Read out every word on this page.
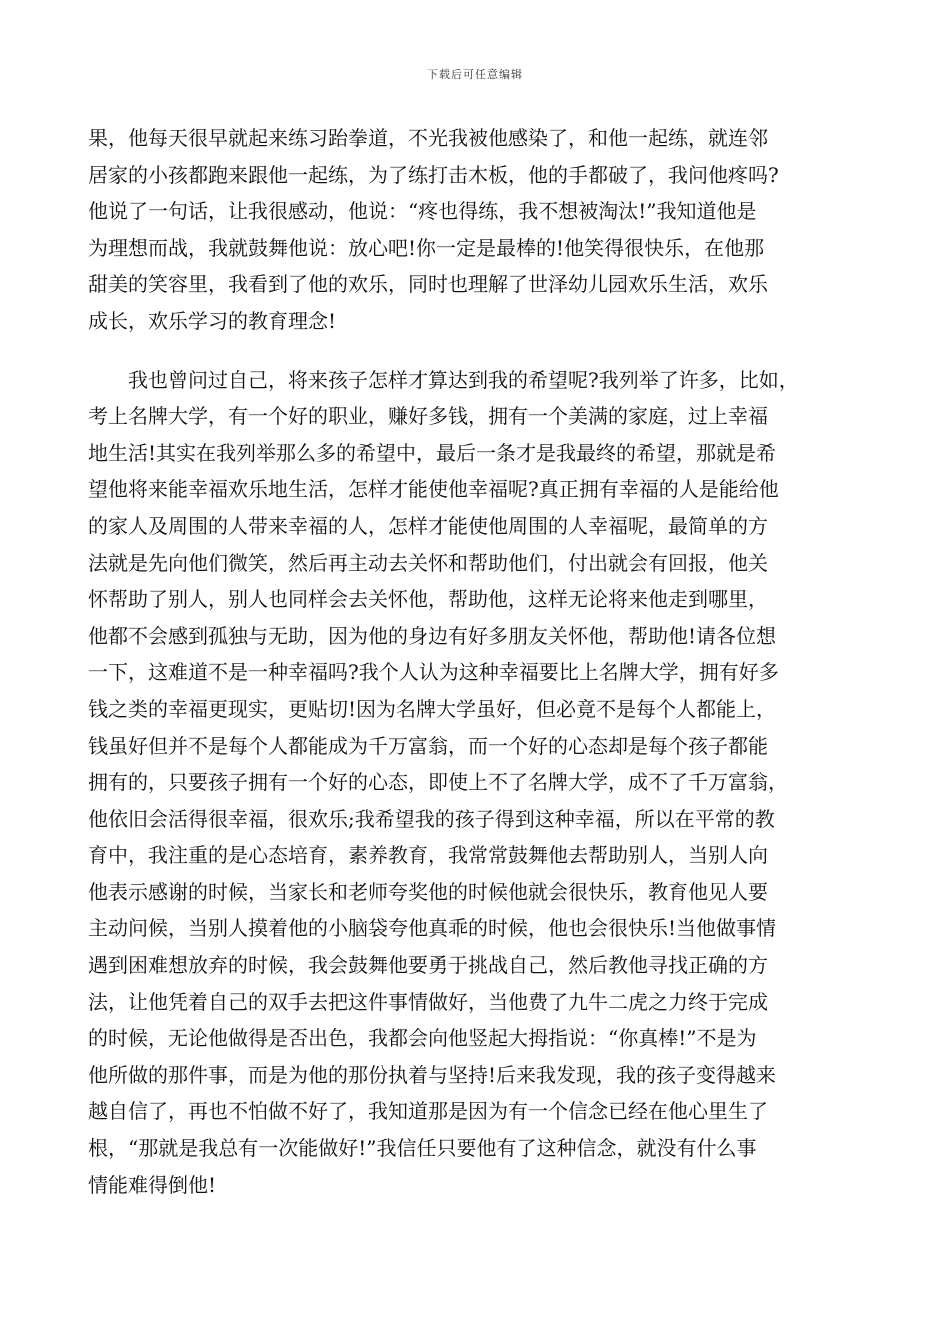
下载后可任意编辑
果，他每天很早就起来练习跆拳道，不光我被他感染了，和他一起练，就连邻
居家的小孩都跑来跟他一起练，为了练打击木板，他的手都破了，我问他疼吗?
他说了一句话，让我很感动，他说：“疼也得练，我不想被淘汰!”我知道他是
为理想而战，我就鼓舞他说：放心吧!你一定是最棒的!他笑得很快乐，在他那
甜美的笑容里，我看到了他的欢乐，同时也理解了世泽幼儿园欢乐生活，欢乐
成长，欢乐学习的教育理念!
　　我也曾问过自己，将来孩子怎样才算达到我的希望呢?我列举了许多，比如，
考上名牌大学，有一个好的职业，赚好多钱，拥有一个美满的家庭，过上幸福
地生活!其实在我列举那么多的希望中，最后一条才是我最终的希望，那就是希
望他将来能幸福欢乐地生活，怎样才能使他幸福呢?真正拥有幸福的人是能给他
的家人及周围的人带来幸福的人，怎样才能使他周围的人幸福呢，最简单的方
法就是先向他们微笑，然后再主动去关怀和帮助他们，付出就会有回报，他关
怀帮助了别人，别人也同样会去关怀他，帮助他，这样无论将来他走到哪里，
他都不会感到孤独与无助，因为他的身边有好多朋友关怀他，帮助他!请各位想
一下，这难道不是一种幸福吗?我个人认为这种幸福要比上名牌大学，拥有好多
钱之类的幸福更现实，更贴切!因为名牌大学虽好，但必竟不是每个人都能上，
钱虽好但并不是每个人都能成为千万富翁，而一个好的心态却是每个孩子都能
拥有的，只要孩子拥有一个好的心态，即使上不了名牌大学，成不了千万富翁，
他依旧会活得很幸福，很欢乐;我希望我的孩子得到这种幸福，所以在平常的教
育中，我注重的是心态培育，素养教育，我常常鼓舞他去帮助别人，当别人向
他表示感谢的时候，当家长和老师夸奖他的时候他就会很快乐，教育他见人要
主动问候，当别人摸着他的小脑袋夸他真乖的时候，他也会很快乐!当他做事情
遇到困难想放弃的时候，我会鼓舞他要勇于挑战自己，然后教他寻找正确的方
法，让他凭着自己的双手去把这件事情做好，当他费了九牛二虎之力终于完成
的时候，无论他做得是否出色，我都会向他竖起大拇指说：“你真棒!”不是为
他所做的那件事，而是为他的那份执着与坚持!后来我发现，我的孩子变得越来
越自信了，再也不怕做不好了，我知道那是因为有一个信念已经在他心里生了
根，“那就是我总有一次能做好!”我信任只要他有了这种信念，就没有什么事
情能难得倒他!
